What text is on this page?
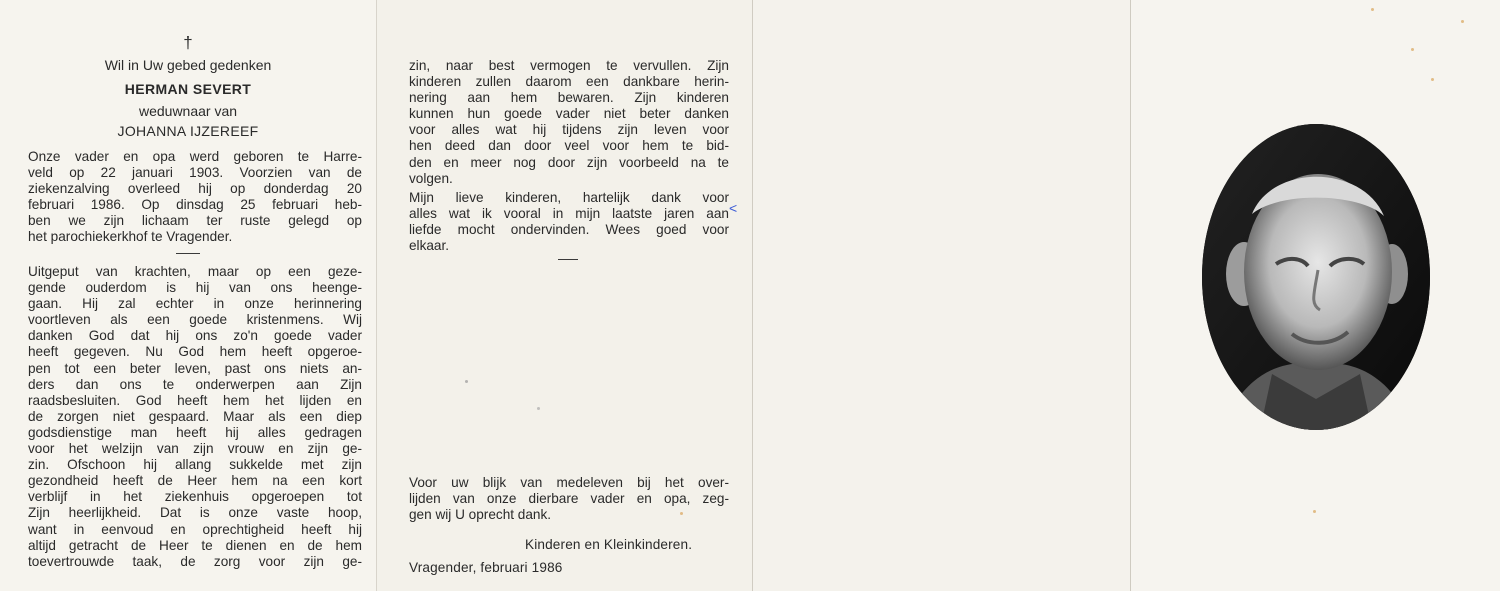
†
Wil in Uw gebed gedenken
HERMAN SEVERT
weduwnaar van
JOHANNA IJZEREEF
Onze vader en opa werd geboren te Harre-
veld op 22 januari 1903. Voorzien van de
ziekenzalving overleed hij op donderdag 20
februari 1986. Op dinsdag 25 februari heb-
ben we zijn lichaam ter ruste gelegd op
het parochiekerkhof te Vragender.
Uitgeput van krachten, maar op een geze-
gende ouderdom is hij van ons heenge-
gaan. Hij zal echter in onze herinnering
voortleven als een goede kristenmens. Wij
danken God dat hij ons zo'n goede vader
heeft gegeven. Nu God hem heeft opgeroe-
pen tot een beter leven, past ons niets an-
ders dan ons te onderwerpen aan Zijn
raadsbesluiten. God heeft hem het lijden en
de zorgen niet gespaard. Maar als een diep
godsdienstige man heeft hij alles gedragen
voor het welzijn van zijn vrouw en zijn ge-
zin. Ofschoon hij allang sukkelde met zijn
gezondheid heeft de Heer hem na een kort
verblijf in het ziekenhuis opgeroepen tot
Zijn heerlijkheid. Dat is onze vaste hoop,
want in eenvoud en oprechtigheid heeft hij
altijd getracht de Heer te dienen en de hem
toevertrouwde taak, de zorg voor zijn ge-
zin, naar best vermogen te vervullen. Zijn
kinderen zullen daarom een dankbare herin-
nering aan hem bewaren. Zijn kinderen
kunnen hun goede vader niet beter danken
voor alles wat hij tijdens zijn leven voor
hen deed dan door veel voor hem te bid-
den en meer nog door zijn voorbeeld na te
volgen.
Mijn lieve kinderen, hartelijk dank voor
alles wat ik vooral in mijn laatste jaren aan
liefde mocht ondervinden. Wees goed voor
elkaar.
<
Voor uw blijk van medeleven bij het over-
lijden van onze dierbare vader en opa, zeg-
gen wij U oprecht dank.
Kinderen en Kleinkinderen.
Vragender, februari 1986
